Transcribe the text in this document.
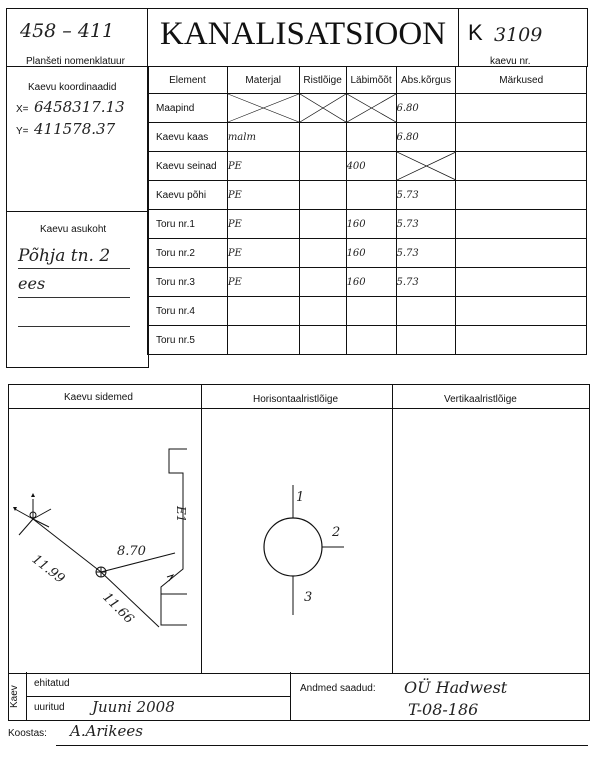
458 – 411
Planšeti nomenklatuur
KANALISATSIOON	K 3109
kaevu nr.
Kaevu koordinaadid
X= 6458317.13
Y= 411578.37
Kaevu asukoht
Põhja tn. 2
ees
Element	Materjal	Ristlõige	Läbimõõt	Abs.kõrgus	Märkused
Maapind				6.80	
Kaevu kaas	malm			6.80	
Kaevu seinad	PE		400	

Kaevu põhi	PE			5.73	
Toru nr.1	PE		160	5.73	
Toru nr.2	PE		160	5.73	
Toru nr.3	PE		160	5.73	
Toru nr.4					
Toru nr.5					
Kaevu sidemed	Horisontaalristlõige	Vertikaalristlõige
11.99
8.70
11.66
E1
1
2
3
Kaev
ehitatud
uuritud Juuni 2008
Andmed saadud: OÜ Hadwest
T-08-186
Koostas: A.Arikees
